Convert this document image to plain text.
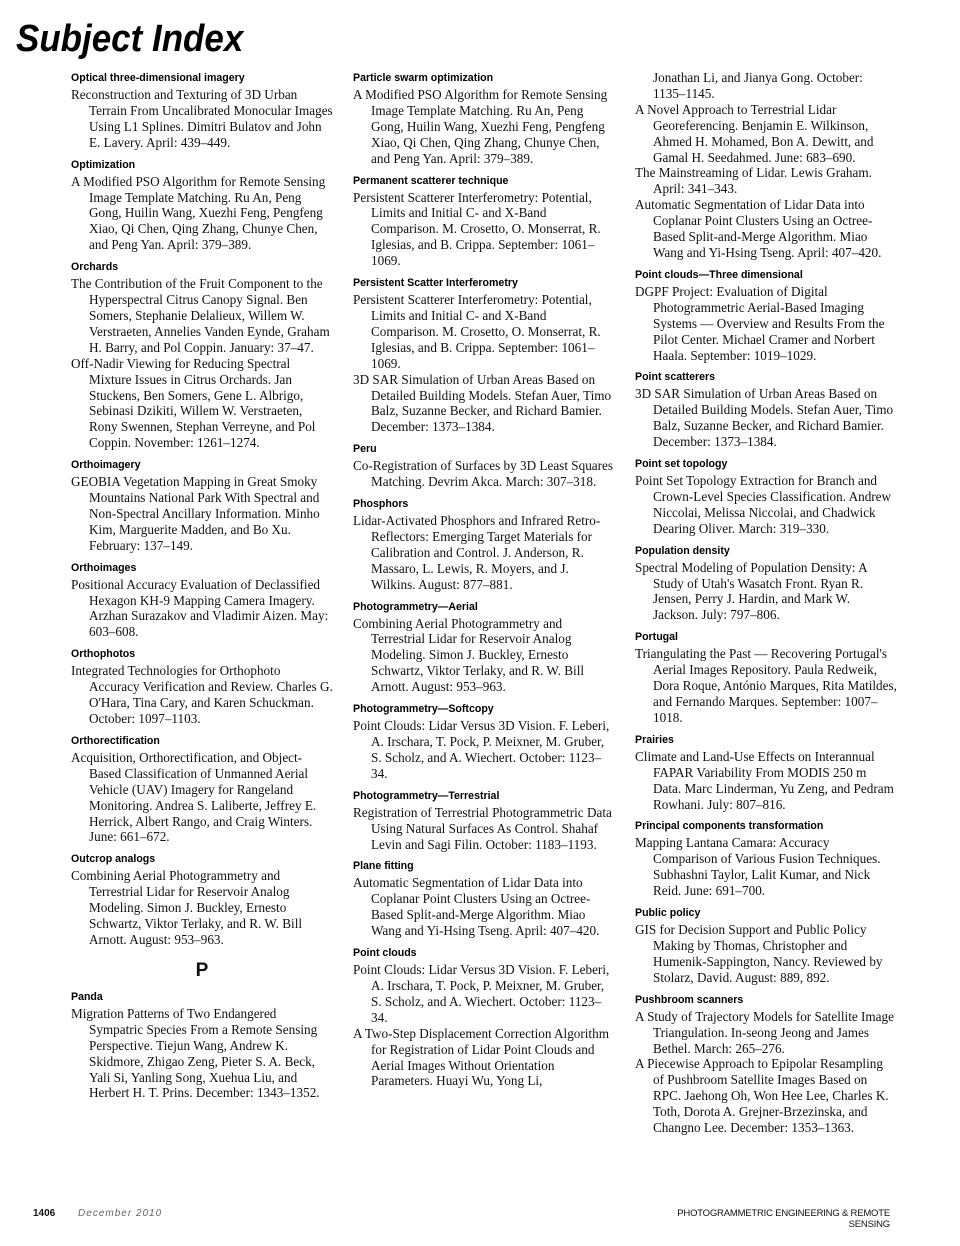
Subject Index
Optical three-dimensional imagery
Reconstruction and Texturing of 3D Urban Terrain From Uncalibrated Monocular Images Using L1 Splines. Dimitri Bulatov and John E. Lavery. April: 439–449.
Optimization
A Modified PSO Algorithm for Remote Sensing Image Template Matching. Ru An, Peng Gong, Huilin Wang, Xuezhi Feng, Pengfeng Xiao, Qi Chen, Qing Zhang, Chunye Chen, and Peng Yan. April: 379–389.
Orchards
The Contribution of the Fruit Component to the Hyperspectral Citrus Canopy Signal. Ben Somers, Stephanie Delalieux, Willem W. Verstraeten, Annelies Vanden Eynde, Graham H. Barry, and Pol Coppin. January: 37–47.
Off-Nadir Viewing for Reducing Spectral Mixture Issues in Citrus Orchards. Jan Stuckens, Ben Somers, Gene L. Albrigo, Sebinasi Dzikiti, Willem W. Verstraeten, Rony Swennen, Stephan Verreyne, and Pol Coppin. November: 1261–1274.
Orthoimagery
GEOBIA Vegetation Mapping in Great Smoky Mountains National Park With Spectral and Non-Spectral Ancillary Information. Minho Kim, Marguerite Madden, and Bo Xu. February: 137–149.
Orthoimages
Positional Accuracy Evaluation of Declassified Hexagon KH-9 Mapping Camera Imagery. Arzhan Surazakov and Vladimir Aizen. May: 603–608.
Orthophotos
Integrated Technologies for Orthophoto Accuracy Verification and Review. Charles G. O'Hara, Tina Cary, and Karen Schuckman. October: 1097–1103.
Orthorectification
Acquisition, Orthorectification, and Object-Based Classification of Unmanned Aerial Vehicle (UAV) Imagery for Rangeland Monitoring. Andrea S. Laliberte, Jeffrey E. Herrick, Albert Rango, and Craig Winters. June: 661–672.
Outcrop analogs
Combining Aerial Photogrammetry and Terrestrial Lidar for Reservoir Analog Modeling. Simon J. Buckley, Ernesto Schwartz, Viktor Terlaky, and R. W. Bill Arnott. August: 953–963.
P
Panda
Migration Patterns of Two Endangered Sympatric Species From a Remote Sensing Perspective. Tiejun Wang, Andrew K. Skidmore, Zhigao Zeng, Pieter S. A. Beck, Yali Si, Yanling Song, Xuehua Liu, and Herbert H. T. Prins. December: 1343–1352.
Particle swarm optimization
A Modified PSO Algorithm for Remote Sensing Image Template Matching. Ru An, Peng Gong, Huilin Wang, Xuezhi Feng, Pengfeng Xiao, Qi Chen, Qing Zhang, Chunye Chen, and Peng Yan. April: 379–389.
Permanent scatterer technique
Persistent Scatterer Interferometry: Potential, Limits and Initial C- and X-Band Comparison. M. Crosetto, O. Monserrat, R. Iglesias, and B. Crippa. September: 1061–1069.
Persistent Scatter Interferometry
Persistent Scatterer Interferometry: Potential, Limits and Initial C- and X-Band Comparison. M. Crosetto, O. Monserrat, R. Iglesias, and B. Crippa. September: 1061–1069.
3D SAR Simulation of Urban Areas Based on Detailed Building Models. Stefan Auer, Timo Balz, Suzanne Becker, and Richard Bamier. December: 1373–1384.
Peru
Co-Registration of Surfaces by 3D Least Squares Matching. Devrim Akca. March: 307–318.
Phosphors
Lidar-Activated Phosphors and Infrared Retro-Reflectors: Emerging Target Materials for Calibration and Control. J. Anderson, R. Massaro, L. Lewis, R. Moyers, and J. Wilkins. August: 877–881.
Photogrammetry—Aerial
Combining Aerial Photogrammetry and Terrestrial Lidar for Reservoir Analog Modeling. Simon J. Buckley, Ernesto Schwartz, Viktor Terlaky, and R. W. Bill Arnott. August: 953–963.
Photogrammetry—Softcopy
Point Clouds: Lidar Versus 3D Vision. F. Leberi, A. Irschara, T. Pock, P. Meixner, M. Gruber, S. Scholz, and A. Wiechert. October: 1123–34.
Photogrammetry—Terrestrial
Registration of Terrestrial Photogrammetric Data Using Natural Surfaces As Control. Shahaf Levin and Sagi Filin. October: 1183–1193.
Plane fitting
Automatic Segmentation of Lidar Data into Coplanar Point Clusters Using an Octree-Based Split-and-Merge Algorithm. Miao Wang and Yi-Hsing Tseng. April: 407–420.
Point clouds
Point Clouds: Lidar Versus 3D Vision. F. Leberi, A. Irschara, T. Pock, P. Meixner, M. Gruber, S. Scholz, and A. Wiechert. October: 1123–34.
A Two-Step Displacement Correction Algorithm for Registration of Lidar Point Clouds and Aerial Images Without Orientation Parameters. Huayi Wu, Yong Li,
Jonathan Li, and Jianya Gong. October: 1135–1145.
A Novel Approach to Terrestrial Lidar Georeferencing. Benjamin E. Wilkinson, Ahmed H. Mohamed, Bon A. Dewitt, and Gamal H. Seedahmed. June: 683–690.
The Mainstreaming of Lidar. Lewis Graham. April: 341–343.
Automatic Segmentation of Lidar Data into Coplanar Point Clusters Using an Octree-Based Split-and-Merge Algorithm. Miao Wang and Yi-Hsing Tseng. April: 407–420.
Point clouds—Three dimensional
DGPF Project: Evaluation of Digital Photogrammetric Aerial-Based Imaging Systems — Overview and Results From the Pilot Center. Michael Cramer and Norbert Haala. September: 1019–1029.
Point scatterers
3D SAR Simulation of Urban Areas Based on Detailed Building Models. Stefan Auer, Timo Balz, Suzanne Becker, and Richard Bamier. December: 1373–1384.
Point set topology
Point Set Topology Extraction for Branch and Crown-Level Species Classification. Andrew Niccolai, Melissa Niccolai, and Chadwick Dearing Oliver. March: 319–330.
Population density
Spectral Modeling of Population Density: A Study of Utah's Wasatch Front. Ryan R. Jensen, Perry J. Hardin, and Mark W. Jackson. July: 797–806.
Portugal
Triangulating the Past — Recovering Portugal's Aerial Images Repository. Paula Redweik, Dora Roque, António Marques, Rita Matildes, and Fernando Marques. September: 1007–1018.
Prairies
Climate and Land-Use Effects on Interannual FAPAR Variability From MODIS 250 m Data. Marc Linderman, Yu Zeng, and Pedram Rowhani. July: 807–816.
Principal components transformation
Mapping Lantana Camara: Accuracy Comparison of Various Fusion Techniques. Subhashni Taylor, Lalit Kumar, and Nick Reid. June: 691–700.
Public policy
GIS for Decision Support and Public Policy Making by Thomas, Christopher and Humenik-Sappington, Nancy. Reviewed by Stolarz, David. August: 889, 892.
Pushbroom scanners
A Study of Trajectory Models for Satellite Image Triangulation. In-seong Jeong and James Bethel. March: 265–276.
A Piecewise Approach to Epipolar Resampling of Pushbroom Satellite Images Based on RPC. Jaehong Oh, Won Hee Lee, Charles K. Toth, Dorota A. Grejner-Brzezinska, and Changno Lee. December: 1353–1363.
1406 December 2010	PHOTOGRAMMETRIC ENGINEERING & REMOTE SENSING
